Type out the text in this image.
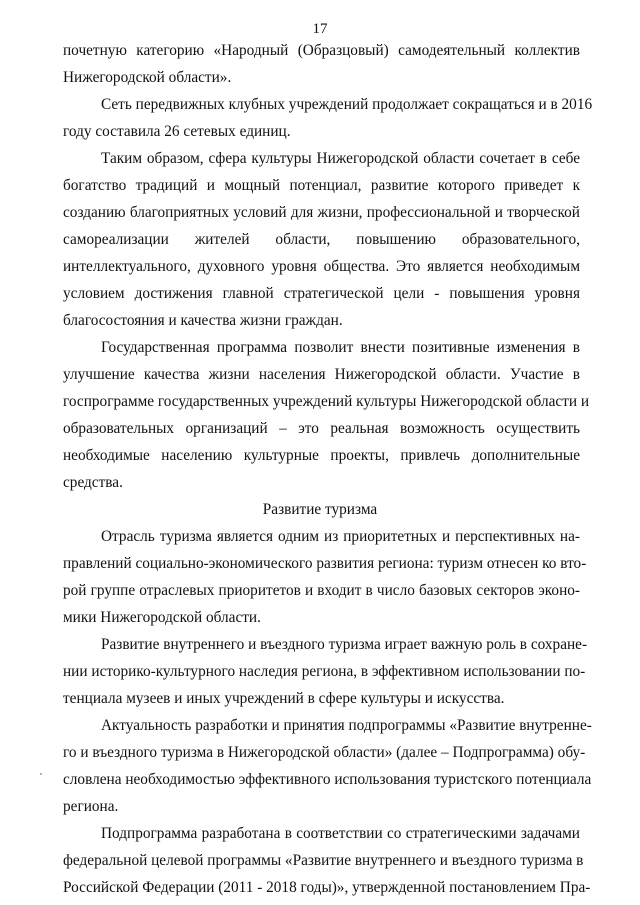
17
почетную категорию «Народный (Образцовый) самодеятельный коллектив
Нижегородской области».
Сеть передвижных клубных учреждений продолжает сокращаться и в 2016
году составила 26 сетевых единиц.
Таким образом, сфера культуры Нижегородской области сочетает в себе
богатство традиций и мощный потенциал, развитие которого приведет к
созданию благоприятных условий для жизни, профессиональной и творческой
самореализации жителей области, повышению образовательного,
интеллектуального, духовного уровня общества. Это является необходимым
условием достижения главной стратегической цели - повышения уровня
благосостояния и качества жизни граждан.
Государственная программа позволит внести позитивные изменения в
улучшение качества жизни населения Нижегородской области. Участие в
госпрограмме государственных учреждений культуры Нижегородской области и
образовательных организаций – это реальная возможность осуществить
необходимые населению культурные проекты, привлечь дополнительные
средства.
Развитие туризма
Отрасль туризма является одним из приоритетных и перспективных на-
правлений социально-экономического развития региона: туризм отнесен ко вто-
рой группе отраслевых приоритетов и входит в число базовых секторов эконо-
мики Нижегородской области.
Развитие внутреннего и въездного туризма играет важную роль в сохране-
нии историко-культурного наследия региона, в эффективном использовании по-
тенциала музеев и иных учреждений в сфере культуры и искусства.
Актуальность разработки и принятия подпрограммы «Развитие внутренне-
го и въездного туризма в Нижегородской области» (далее – Подпрограмма) обу-
словлена необходимостью эффективного использования туристского потенциала
региона.
Подпрограмма разработана в соответствии со стратегическими задачами
федеральной целевой программы «Развитие внутреннего и въездного туризма в
Российской Федерации (2011 - 2018 годы)», утвержденной постановлением Пра-
